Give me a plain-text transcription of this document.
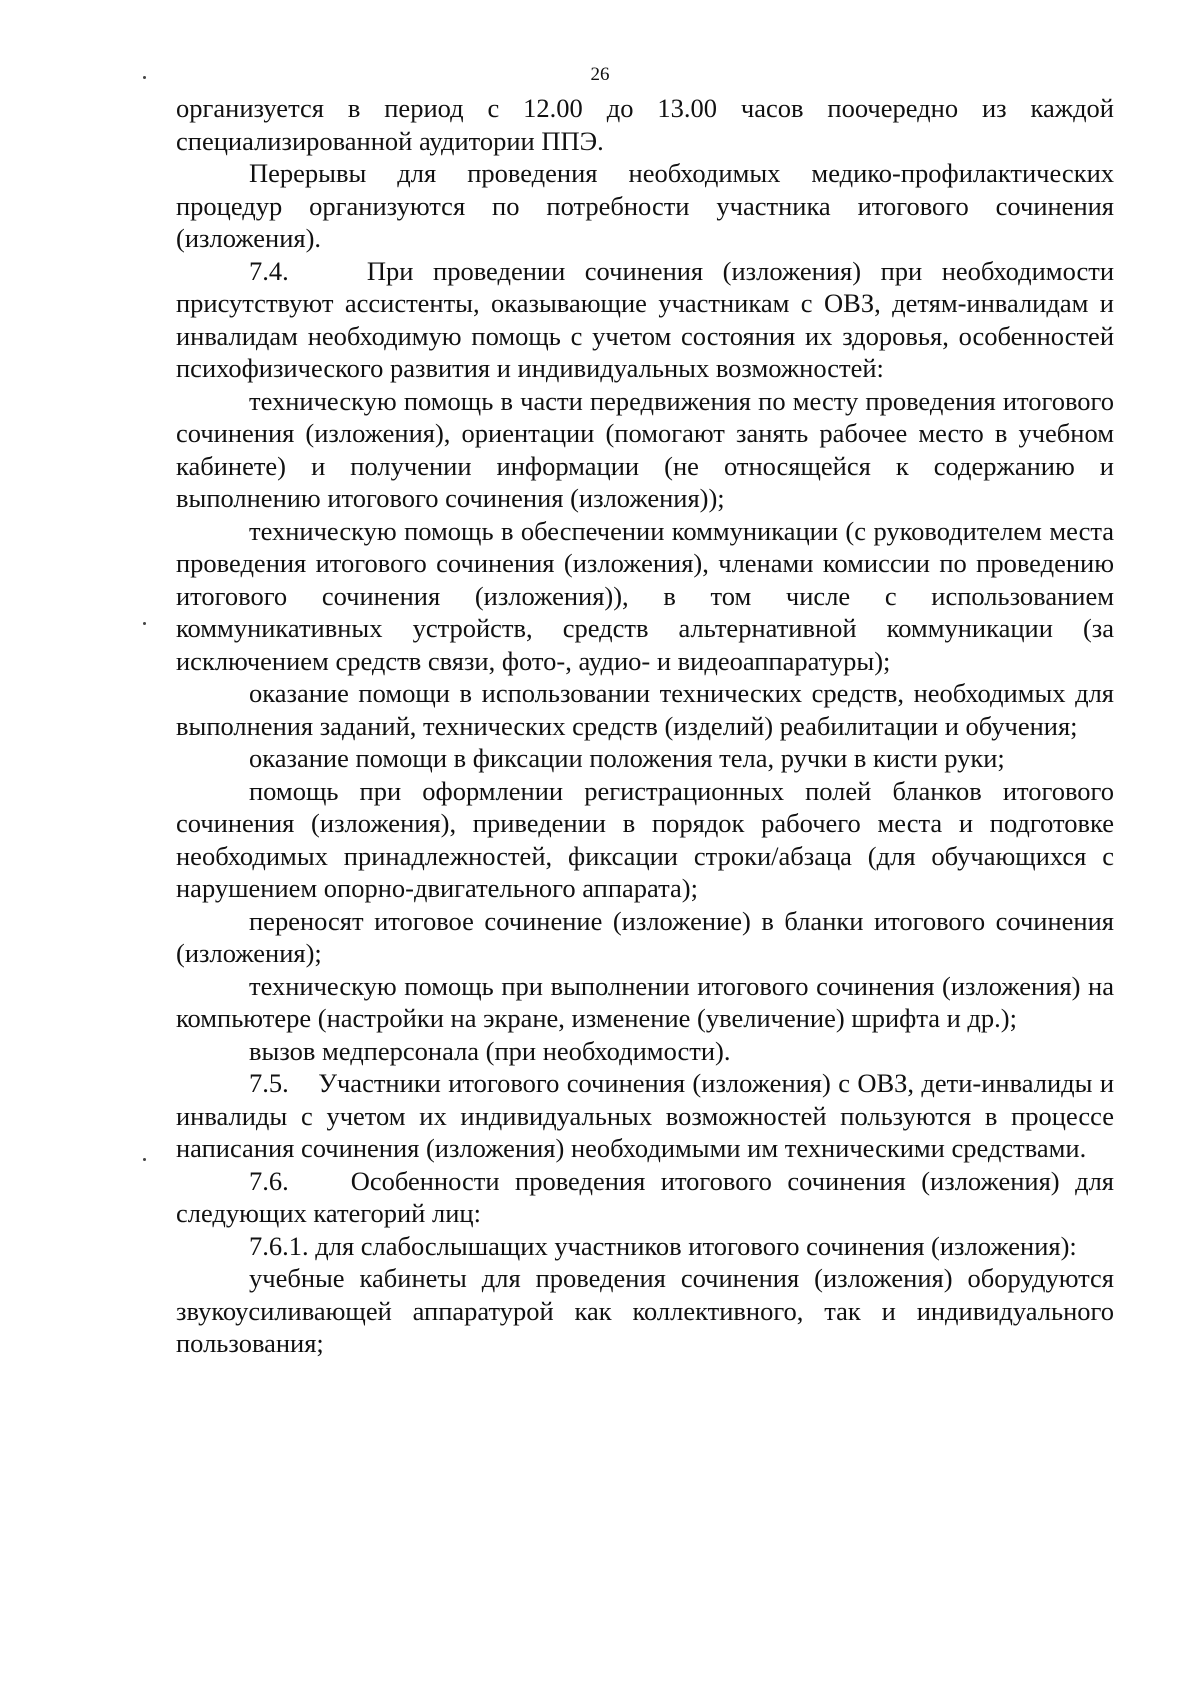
26

организуется в период с 12.00 до 13.00 часов поочередно из каждой специализированной аудитории ППЭ.

Перерывы для проведения необходимых медико-профилактических процедур организуются по потребности участника итогового сочинения (изложения).

7.4.    При проведении сочинения (изложения) при необходимости присутствуют ассистенты, оказывающие участникам с ОВЗ, детям-инвалидам и инвалидам необходимую помощь с учетом состояния их здоровья, особенностей психофизического развития и индивидуальных возможностей:

техническую помощь в части передвижения по месту проведения итогового сочинения (изложения), ориентации (помогают занять рабочее место в учебном кабинете) и получении информации (не относящейся к содержанию и выполнению итогового сочинения (изложения));

техническую помощь в обеспечении коммуникации (с руководителем места проведения итогового сочинения (изложения), членами комиссии по проведению итогового сочинения (изложения)), в том числе с использованием коммуникативных устройств, средств альтернативной коммуникации (за исключением средств связи, фото-, аудио- и видеоаппаратуры);

оказание помощи в использовании технических средств, необходимых для выполнения заданий, технических средств (изделий) реабилитации и обучения;

оказание помощи в фиксации положения тела, ручки в кисти руки;

помощь при оформлении регистрационных полей бланков итогового сочинения (изложения), приведении в порядок рабочего места и подготовке необходимых принадлежностей, фиксации строки/абзаца (для обучающихся с нарушением опорно-двигательного аппарата);

переносят итоговое сочинение (изложение) в бланки итогового сочинения (изложения);

техническую помощь при выполнении итогового сочинения (изложения) на компьютере (настройки на экране, изменение (увеличение) шрифта и др.);

вызов медперсонала (при необходимости).

7.5.    Участники итогового сочинения (изложения) с ОВЗ, дети-инвалиды и инвалиды с учетом их индивидуальных возможностей пользуются в процессе написания сочинения (изложения) необходимыми им техническими средствами.

7.6.    Особенности проведения итогового сочинения (изложения) для следующих категорий лиц:

7.6.1. для слабослышащих участников итогового сочинения (изложения):

учебные кабинеты для проведения сочинения (изложения) оборудуются звукоусиливающей аппаратурой как коллективного, так и индивидуального пользования;
